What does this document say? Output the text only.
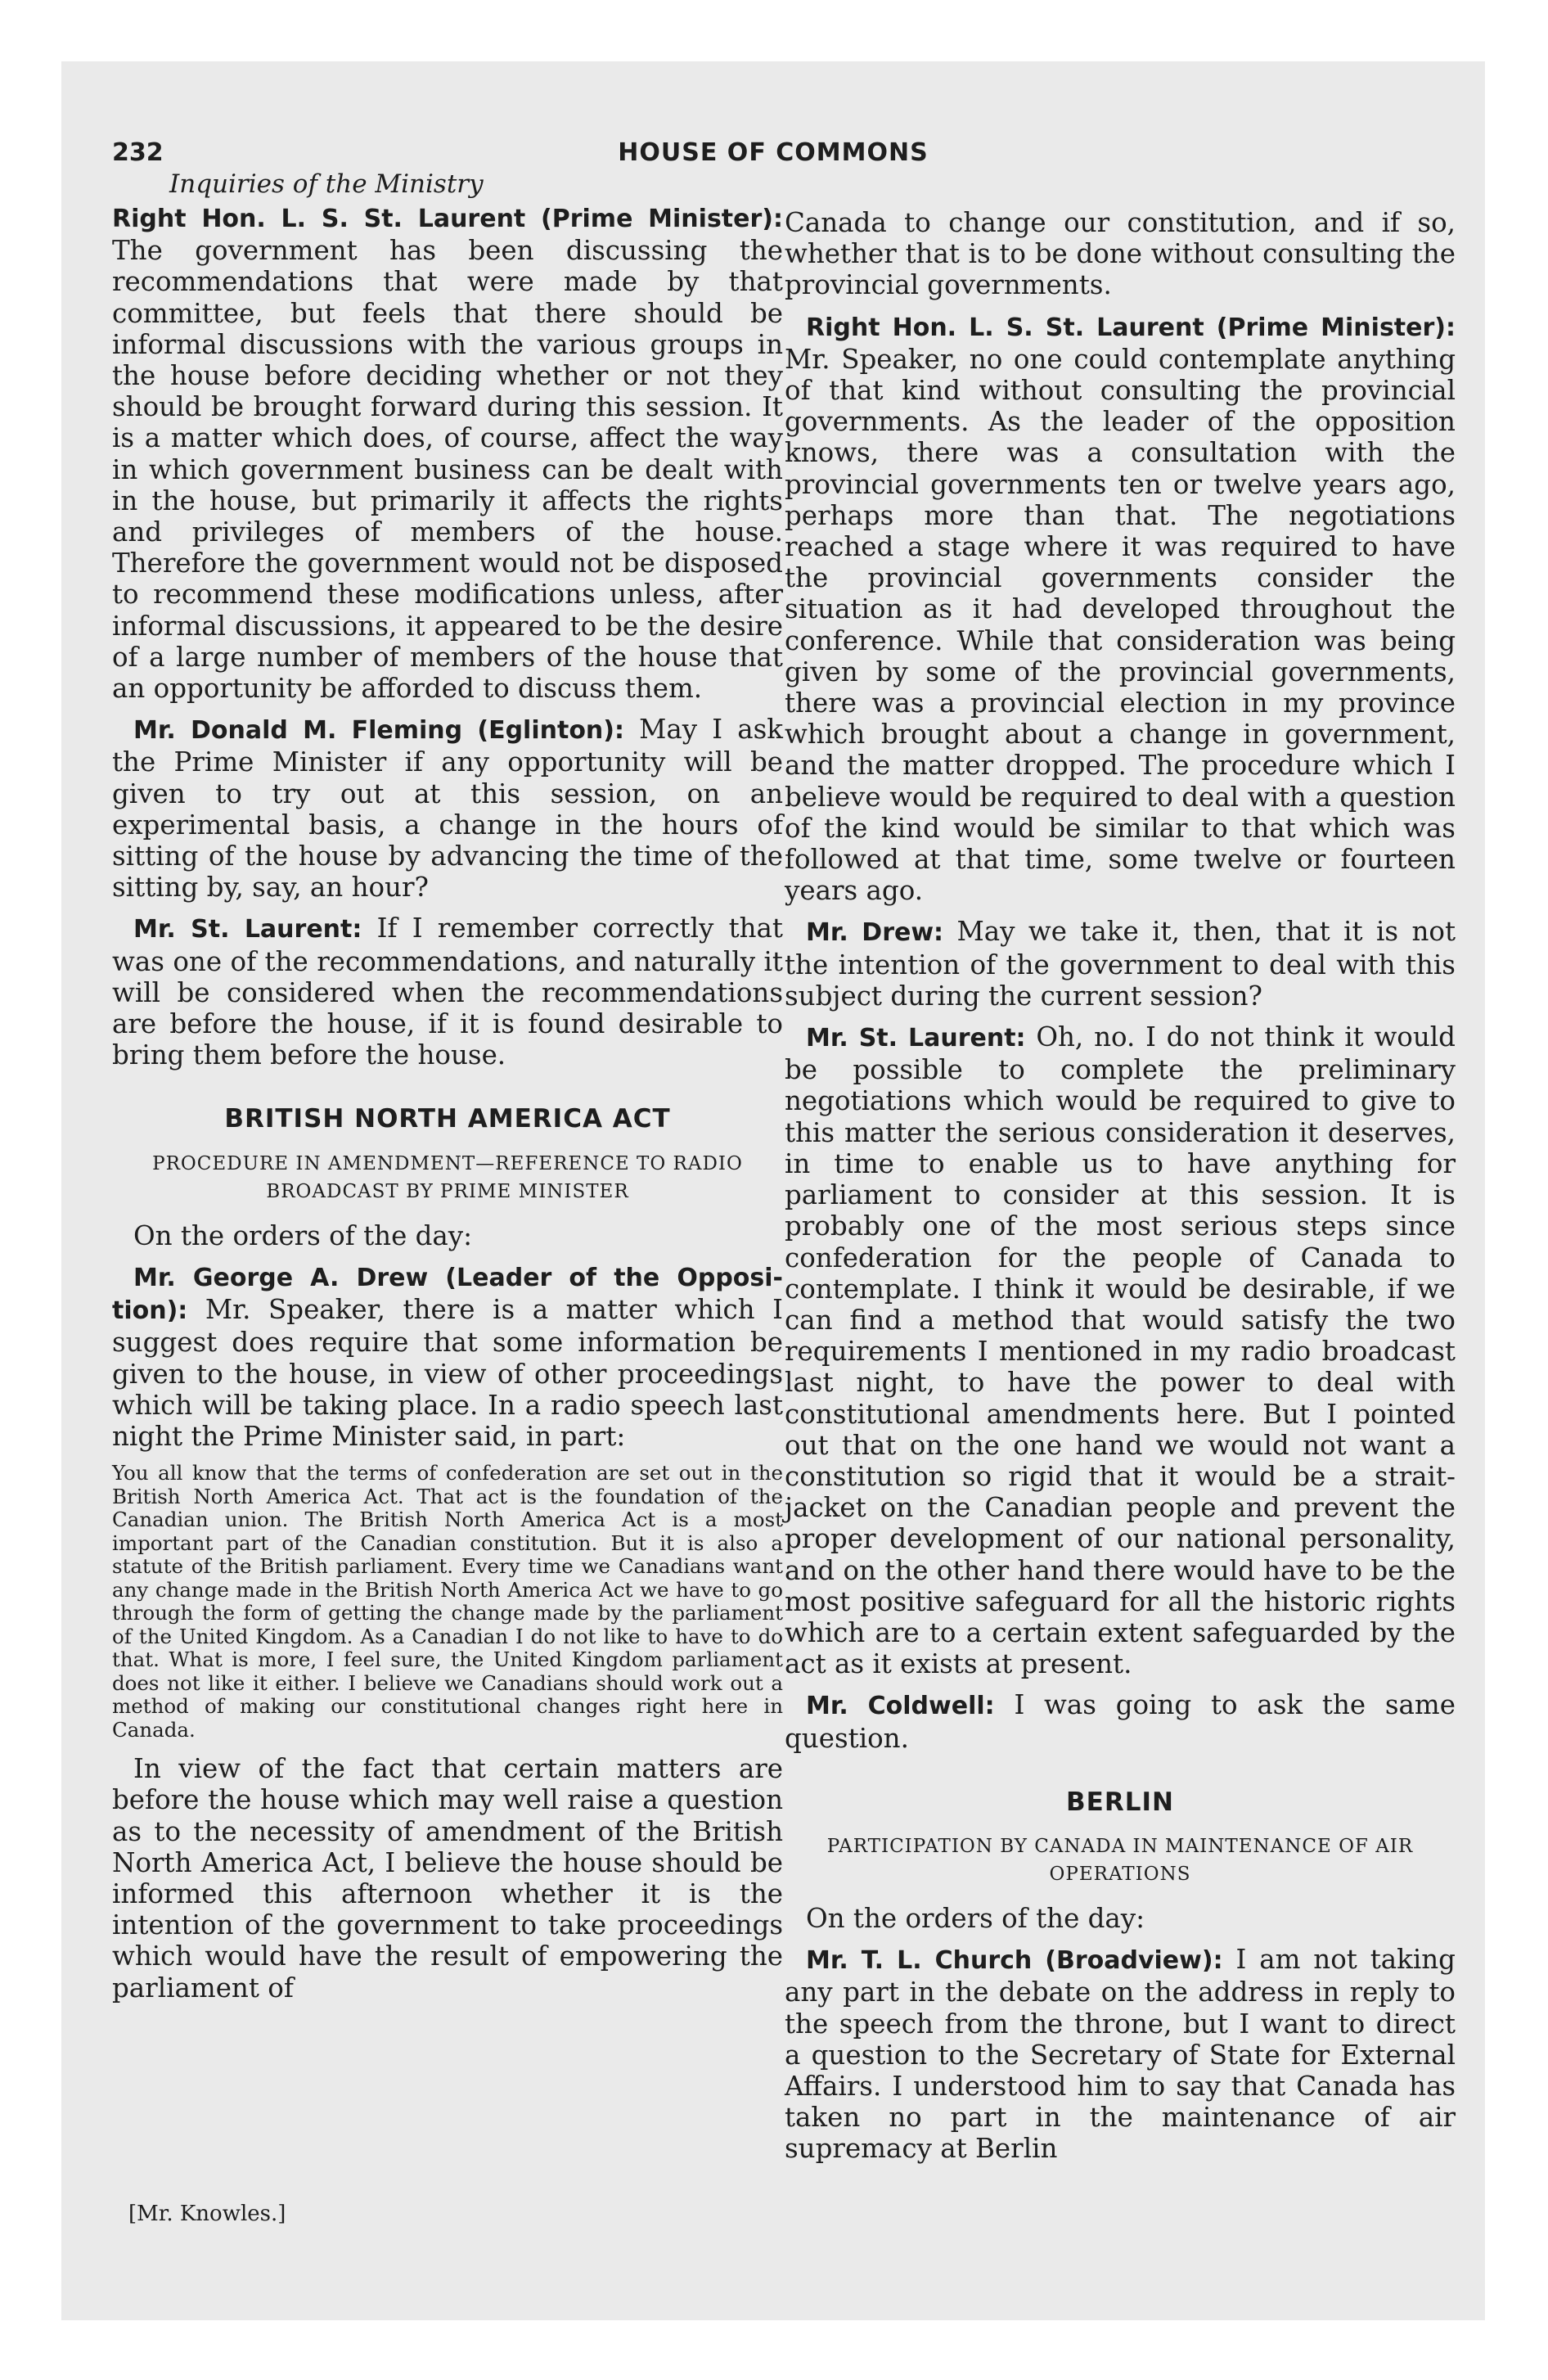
232	HOUSE OF COMMONS
Inquiries of the Ministry

Right Hon. L. S. St. Laurent (Prime Minister): The government has been discussing the recommendations that were made by that committee, but feels that there should be informal discussions with the various groups in the house before deciding whether or not they should be brought forward during this session. It is a matter which does, of course, affect the way in which government business can be dealt with in the house, but primarily it affects the rights and privileges of members of the house. Therefore the government would not be disposed to recommend these modifications unless, after informal discussions, it appeared to be the desire of a large number of members of the house that an opportunity be afforded to discuss them.

Mr. Donald M. Fleming (Eglinton): May I ask the Prime Minister if any opportunity will be given to try out at this session, on an experimental basis, a change in the hours of sitting of the house by advancing the time of the sitting by, say, an hour?

Mr. St. Laurent: If I remember correctly that was one of the recommendations, and naturally it will be considered when the recommendations are before the house, if it is found desirable to bring them before the house.

BRITISH NORTH AMERICA ACT
PROCEDURE IN AMENDMENT—REFERENCE TO RADIO BROADCAST BY PRIME MINISTER

On the orders of the day:

Mr. George A. Drew (Leader of the Opposition): Mr. Speaker, there is a matter which I suggest does require that some information be given to the house, in view of other proceedings which will be taking place. In a radio speech last night the Prime Minister said, in part:

You all know that the terms of confederation are set out in the British North America Act. That act is the foundation of the Canadian union. The British North America Act is a most important part of the Canadian constitution. But it is also a statute of the British parliament. Every time we Canadians want any change made in the British North America Act we have to go through the form of getting the change made by the parliament of the United Kingdom. As a Canadian I do not like to have to do that. What is more, I feel sure, the United Kingdom parliament does not like it either. I believe we Canadians should work out a method of making our constitutional changes right here in Canada.

In view of the fact that certain matters are before the house which may well raise a question as to the necessity of amendment of the British North America Act, I believe the house should be informed this afternoon whether it is the intention of the government to take proceedings which would have the result of empowering the parliament of

Canada to change our constitution, and if so, whether that is to be done without consulting the provincial governments.

Right Hon. L. S. St. Laurent (Prime Minister): Mr. Speaker, no one could contemplate anything of that kind without consulting the provincial governments. As the leader of the opposition knows, there was a consultation with the provincial governments ten or twelve years ago, perhaps more than that. The negotiations reached a stage where it was required to have the provincial governments consider the situation as it had developed throughout the conference. While that consideration was being given by some of the provincial governments, there was a provincial election in my province which brought about a change in government, and the matter dropped. The procedure which I believe would be required to deal with a question of the kind would be similar to that which was followed at that time, some twelve or fourteen years ago.

Mr. Drew: May we take it, then, that it is not the intention of the government to deal with this subject during the current session?

Mr. St. Laurent: Oh, no. I do not think it would be possible to complete the preliminary negotiations which would be required to give to this matter the serious consideration it deserves, in time to enable us to have anything for parliament to consider at this session. It is probably one of the most serious steps since confederation for the people of Canada to contemplate. I think it would be desirable, if we can find a method that would satisfy the two requirements I mentioned in my radio broadcast last night, to have the power to deal with constitutional amendments here. But I pointed out that on the one hand we would not want a constitution so rigid that it would be a strait-jacket on the Canadian people and prevent the proper development of our national personality, and on the other hand there would have to be the most positive safeguard for all the historic rights which are to a certain extent safeguarded by the act as it exists at present.

Mr. Coldwell: I was going to ask the same question.

BERLIN
PARTICIPATION BY CANADA IN MAINTENANCE OF AIR OPERATIONS

On the orders of the day:

Mr. T. L. Church (Broadview): I am not taking any part in the debate on the address in reply to the speech from the throne, but I want to direct a question to the Secretary of State for External Affairs. I understood him to say that Canada has taken no part in the maintenance of air supremacy at Berlin

[Mr. Knowles.]
